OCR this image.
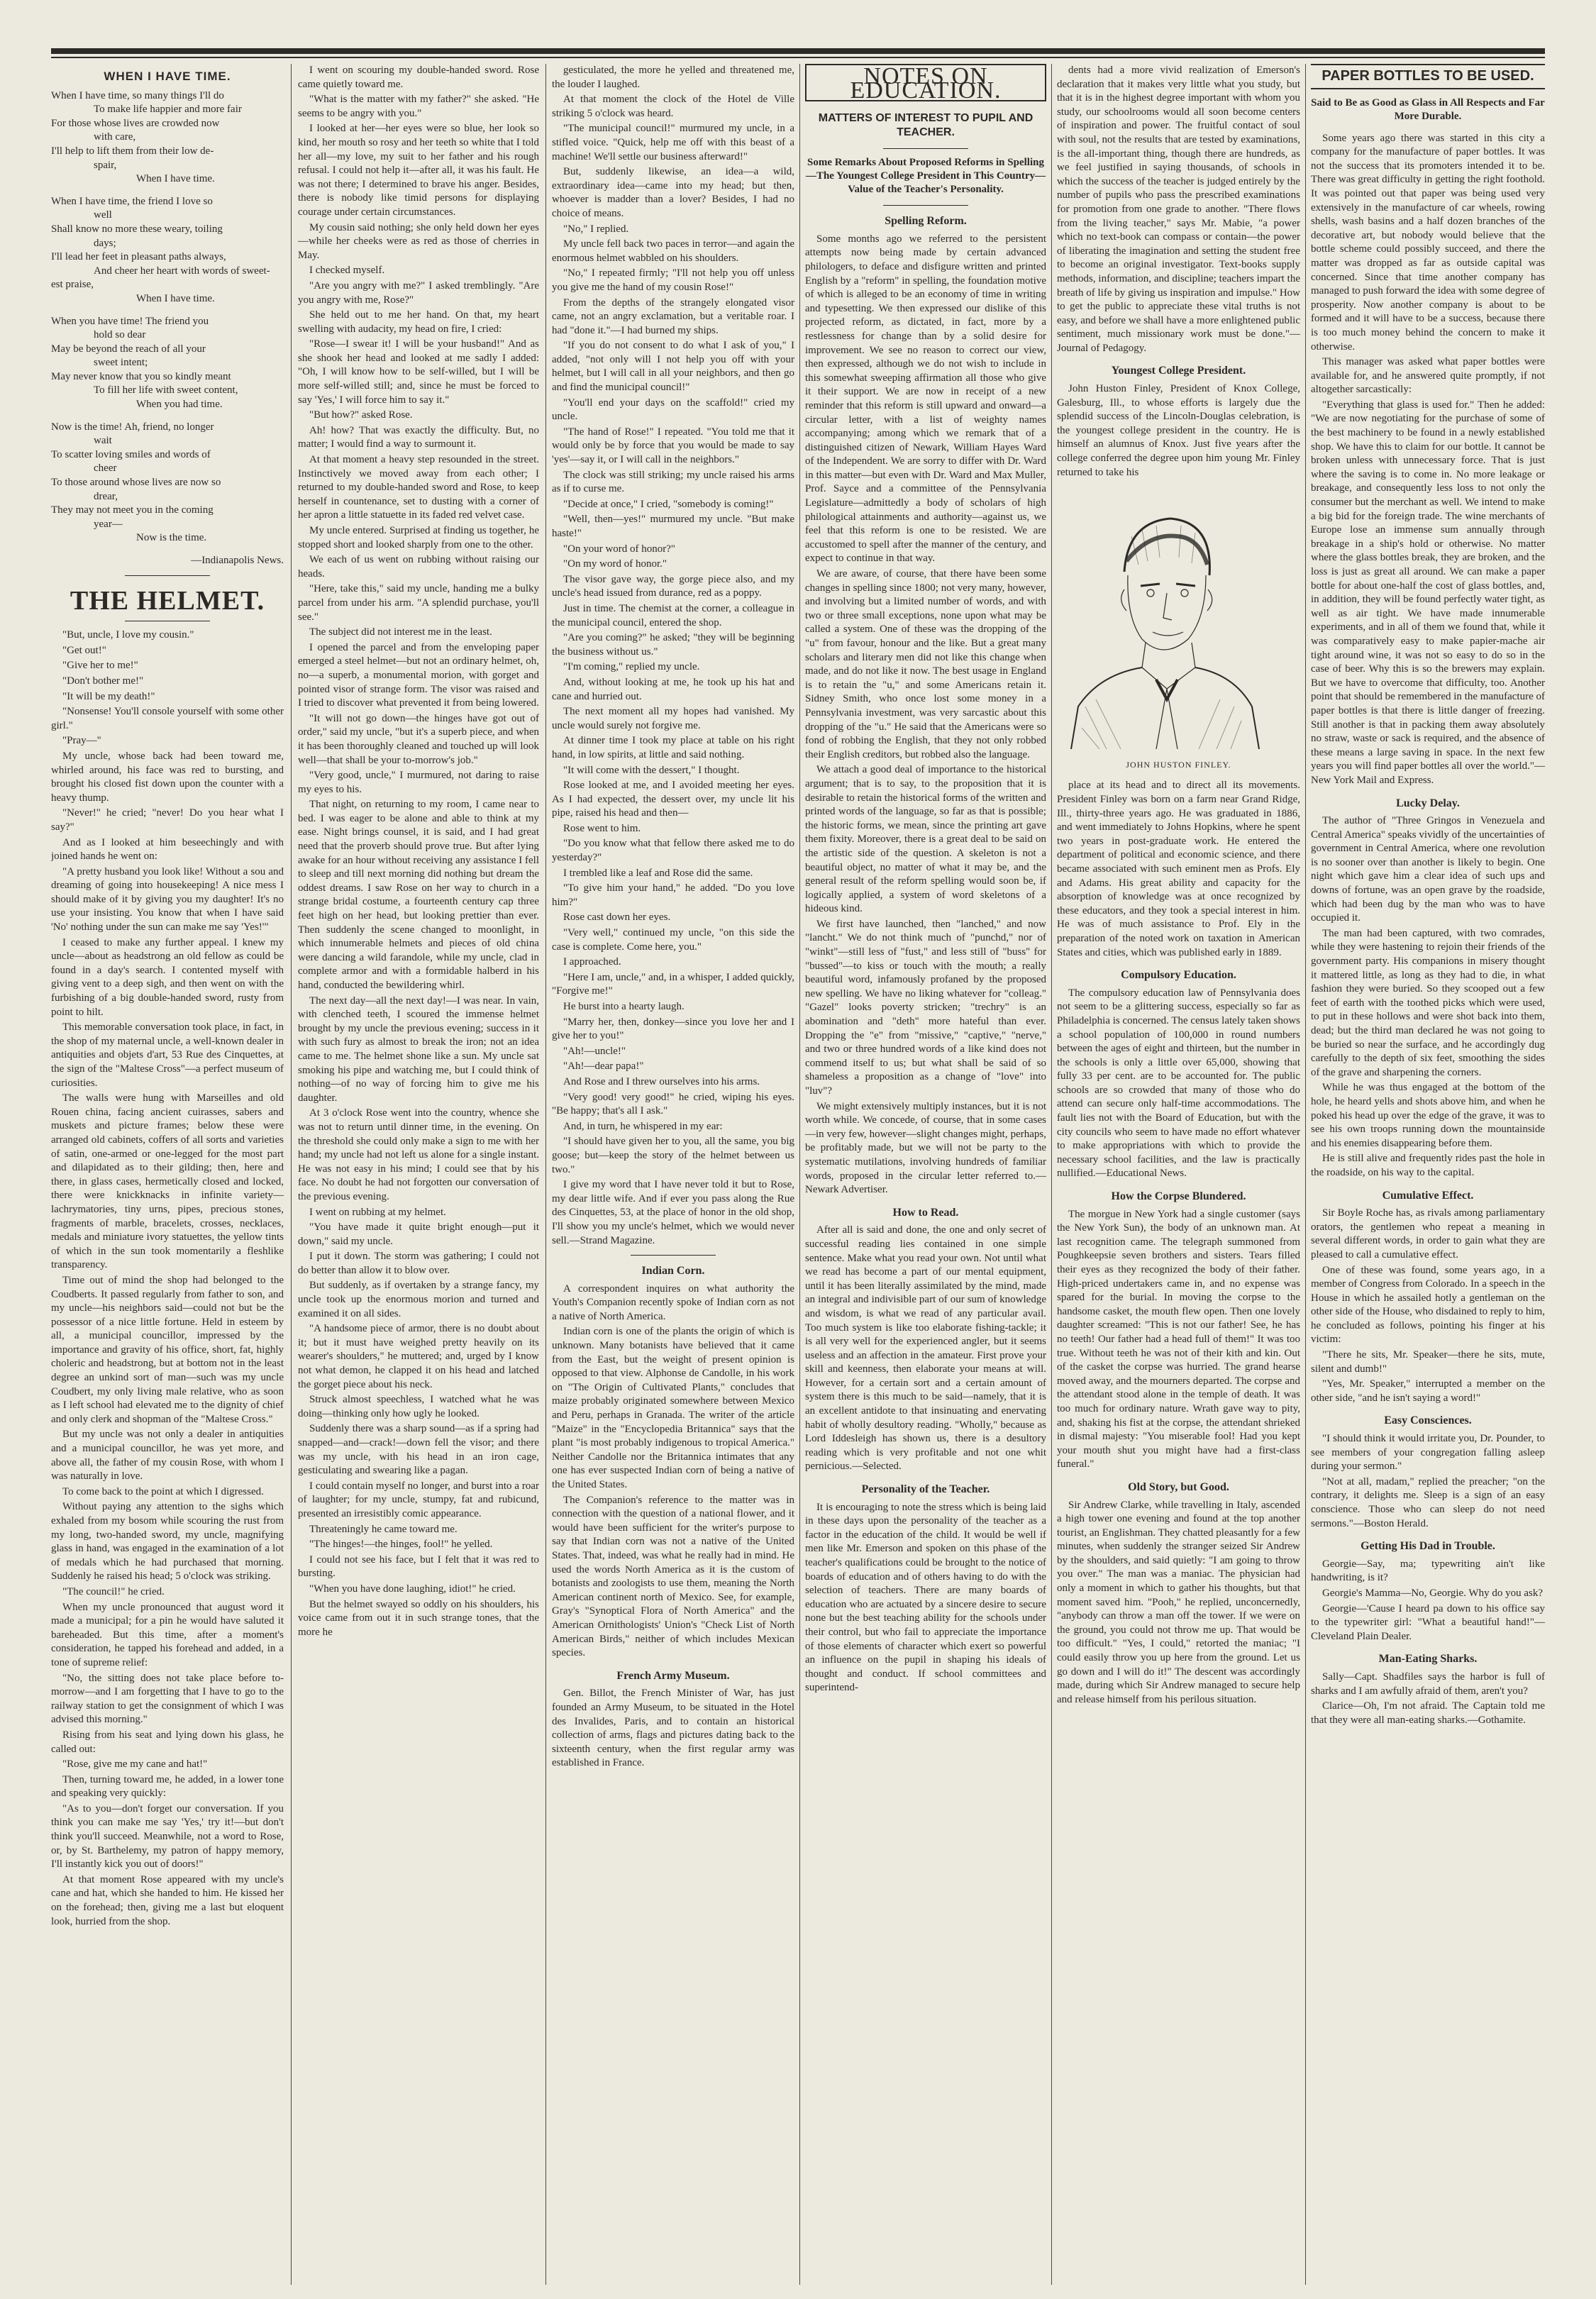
WHEN I HAVE TIME.

When I have time, so many things I'll do

To make life happier and more fair

For those whose lives are crowded now

with care,

I'll help to lift them from their low de-

spair,

When I have time.

When I have time, the friend I love so

well

Shall know no more these weary, toiling

days;

I'll lead her feet in pleasant paths always,

And cheer her heart with words of sweet-

est praise,

When I have time.

When you have time! The friend you

hold so dear

May be beyond the reach of all your

sweet intent;

May never know that you so kindly meant

To fill her life with sweet content,

When you had time.

Now is the time! Ah, friend, no longer

wait

To scatter loving smiles and words of

cheer

To those around whose lives are now so

drear,

They may not meet you in the coming

year—

Now is the time.

—Indianapolis News.

THE HELMET.

"But, uncle, I love my cousin."

"Get out!"

"Give her to me!"

"Don't bother me!"

"It will be my death!"

"Nonsense! You'll console yourself with some other girl."

"Pray—"

My uncle, whose back had been toward me, whirled around, his face was red to bursting, and brought his closed fist down upon the counter with a heavy thump.

"Never!" he cried; "never! Do you hear what I say?"

And as I looked at him beseechingly and with joined hands he went on:

"A pretty husband you look like! Without a sou and dreaming of going into housekeeping! A nice mess I should make of it by giving you my daughter! It's no use your insisting. You know that when I have said 'No' nothing under the sun can make me say 'Yes!'"

I ceased to make any further appeal. I knew my uncle—about as headstrong an old fellow as could be found in a day's search. I contented myself with giving vent to a deep sigh, and then went on with the furbishing of a big double-handed sword, rusty from point to hilt.

This memorable conversation took place, in fact, in the shop of my maternal uncle, a well-known dealer in antiquities and objets d'art, 53 Rue des Cinquettes, at the sign of the "Maltese Cross"—a perfect museum of curiosities.

The walls were hung with Marseilles and old Rouen china, facing ancient cuirasses, sabers and muskets and picture frames; below these were arranged old cabinets, coffers of all sorts and varieties of satin, one-armed or one-legged for the most part and dilapidated as to their gilding; then, here and there, in glass cases, hermetically closed and locked, there were knickknacks in infinite variety—lachrymatories, tiny urns, pipes, precious stones, fragments of marble, bracelets, crosses, necklaces, medals and miniature ivory statuettes, the yellow tints of which in the sun took momentarily a fleshlike transparency.

Time out of mind the shop had belonged to the Coudberts. It passed regularly from father to son, and my uncle—his neighbors said—could not but be the possessor of a nice little fortune. Held in esteem by all, a municipal councillor, impressed by the importance and gravity of his office, short, fat, highly choleric and headstrong, but at bottom not in the least degree an unkind sort of man—such was my uncle Coudbert, my only living male relative, who as soon as I left school had elevated me to the dignity of chief and only clerk and shopman of the "Maltese Cross."

But my uncle was not only a dealer in antiquities and a municipal councillor, he was yet more, and above all, the father of my cousin Rose, with whom I was naturally in love.

To come back to the point at which I digressed.

Without paying any attention to the sighs which exhaled from my bosom while scouring the rust from my long, two-handed sword, my uncle, magnifying glass in hand, was engaged in the examination of a lot of medals which he had purchased that morning. Suddenly he raised his head; 5 o'clock was striking.

"The council!" he cried.

When my uncle pronounced that august word it made a municipal; for a pin he would have saluted it bareheaded. But this time, after a moment's consideration, he tapped his forehead and added, in a tone of supreme relief:

"No, the sitting does not take place before to-morrow—and I am forgetting that I have to go to the railway station to get the consignment of which I was advised this morning."

Rising from his seat and lying down his glass, he called out:

"Rose, give me my cane and hat!"

Then, turning toward me, he added, in a lower tone and speaking very quickly:

"As to you—don't forget our conversation. If you think you can make me say 'Yes,' try it!—but don't think you'll succeed. Meanwhile, not a word to Rose, or, by St. Barthelemy, my patron of happy memory, I'll instantly kick you out of doors!"

At that moment Rose appeared with my uncle's cane and hat, which she handed to him. He kissed her on the forehead; then, giving me a last but eloquent look, hurried from the shop.

I went on scouring my double-handed sword. Rose came quietly toward me.

"What is the matter with my father?" she asked. "He seems to be angry with you."

I looked at her—her eyes were so blue, her look so kind, her mouth so rosy and her teeth so white that I told her all—my love, my suit to her father and his rough refusal. I could not help it—after all, it was his fault. He was not there; I determined to brave his anger. Besides, there is nobody like timid persons for displaying courage under certain circumstances.

My cousin said nothing; she only held down her eyes—while her cheeks were as red as those of cherries in May.

I checked myself.

"Are you angry with me?" I asked tremblingly. "Are you angry with me, Rose?"

She held out to me her hand. On that, my heart swelling with audacity, my head on fire, I cried:

"Rose—I swear it! I will be your husband!" And as she shook her head and looked at me sadly I added: "Oh, I will know how to be self-willed, but I will be more self-willed still; and, since he must be forced to say 'Yes,' I will force him to say it."

"But how?" asked Rose.

Ah! how? That was exactly the difficulty. But, no matter; I would find a way to surmount it.

At that moment a heavy step resounded in the street. Instinctively we moved away from each other; I returned to my double-handed sword and Rose, to keep herself in countenance, set to dusting with a corner of her apron a little statuette in its faded red velvet case.

My uncle entered. Surprised at finding us together, he stopped short and looked sharply from one to the other.

We each of us went on rubbing without raising our heads.

"Here, take this," said my uncle, handing me a bulky parcel from under his arm. "A splendid purchase, you'll see."

The subject did not interest me in the least.

I opened the parcel and from the enveloping paper emerged a steel helmet—but not an ordinary helmet, oh, no—a superb, a monumental morion, with gorget and pointed visor of strange form. The visor was raised and I tried to discover what prevented it from being lowered.

"It will not go down—the hinges have got out of order," said my uncle, "but it's a superb piece, and when it has been thoroughly cleaned and touched up will look well—that shall be your to-morrow's job."

"Very good, uncle," I murmured, not daring to raise my eyes to his.

That night, on returning to my room, I came near to bed. I was eager to be alone and able to think at my ease. Night brings counsel, it is said, and I had great need that the proverb should prove true. But after lying awake for an hour without receiving any assistance I fell to sleep and till next morning did nothing but dream the oddest dreams. I saw Rose on her way to church in a strange bridal costume, a fourteenth century cap three feet high on her head, but looking prettier than ever. Then suddenly the scene changed to moonlight, in which innumerable helmets and pieces of old china were dancing a wild farandole, while my uncle, clad in complete armor and with a formidable halberd in his hand, conducted the bewildering whirl.

The next day—all the next day!—I was near. In vain, with clenched teeth, I scoured the immense helmet brought by my uncle the previous evening; success in it with such fury as almost to break the iron; not an idea came to me. The helmet shone like a sun. My uncle sat smoking his pipe and watching me, but I could think of nothing—of no way of forcing him to give me his daughter.

At 3 o'clock Rose went into the country, whence she was not to return until dinner time, in the evening. On the threshold she could only make a sign to me with her hand; my uncle had not left us alone for a single instant. He was not easy in his mind; I could see that by his face. No doubt he had not forgotten our conversation of the previous evening.

I went on rubbing at my helmet.

"You have made it quite bright enough—put it down," said my uncle.

I put it down. The storm was gathering; I could not do better than allow it to blow over.

But suddenly, as if overtaken by a strange fancy, my uncle took up the enormous morion and turned and examined it on all sides.

"A handsome piece of armor, there is no doubt about it; but it must have weighed pretty heavily on its wearer's shoulders," he muttered; and, urged by I know not what demon, he clapped it on his head and latched the gorget piece about his neck.

Struck almost speechless, I watched what he was doing—thinking only how ugly he looked.

Suddenly there was a sharp sound—as if a spring had snapped—and—crack!—down fell the visor; and there was my uncle, with his head in an iron cage, gesticulating and swearing like a pagan.

I could contain myself no longer, and burst into a roar of laughter; for my uncle, stumpy, fat and rubicund, presented an irresistibly comic appearance.

Threateningly he came toward me.

"The hinges!—the hinges, fool!" he yelled.

I could not see his face, but I felt that it was red to bursting.

"When you have done laughing, idiot!" he cried.

But the helmet swayed so oddly on his shoulders, his voice came from out it in such strange tones, that the more he

gesticulated, the more he yelled and threatened me, the louder I laughed.

At that moment the clock of the Hotel de Ville striking 5 o'clock was heard.

"The municipal council!" murmured my uncle, in a stifled voice. "Quick, help me off with this beast of a machine! We'll settle our business afterward!"

But, suddenly likewise, an idea—a wild, extraordinary idea—came into my head; but then, whoever is madder than a lover? Besides, I had no choice of means.

"No," I replied.

My uncle fell back two paces in terror—and again the enormous helmet wabbled on his shoulders.

"No," I repeated firmly; "I'll not help you off unless you give me the hand of my cousin Rose!"

From the depths of the strangely elongated visor came, not an angry exclamation, but a veritable roar. I had "done it."—I had burned my ships.

"If you do not consent to do what I ask of you," I added, "not only will I not help you off with your helmet, but I will call in all your neighbors, and then go and find the municipal council!"

"You'll end your days on the scaffold!" cried my uncle.

"The hand of Rose!" I repeated. "You told me that it would only be by force that you would be made to say 'yes'—say it, or I will call in the neighbors."

The clock was still striking; my uncle raised his arms as if to curse me.

"Decide at once," I cried, "somebody is coming!"

"Well, then—yes!" murmured my uncle. "But make haste!"

"On your word of honor?"

"On my word of honor."

The visor gave way, the gorge piece also, and my uncle's head issued from durance, red as a poppy.

Just in time. The chemist at the corner, a colleague in the municipal council, entered the shop.

"Are you coming?" he asked; "they will be beginning the business without us."

"I'm coming," replied my uncle.

And, without looking at me, he took up his hat and cane and hurried out.

The next moment all my hopes had vanished. My uncle would surely not forgive me.

At dinner time I took my place at table on his right hand, in low spirits, at little and said nothing.

"It will come with the dessert," I thought.

Rose looked at me, and I avoided meeting her eyes. As I had expected, the dessert over, my uncle lit his pipe, raised his head and then—

Rose went to him.

"Do you know what that fellow there asked me to do yesterday?"

I trembled like a leaf and Rose did the same.

"To give him your hand," he added. "Do you love him?"

Rose cast down her eyes.

"Very well," continued my uncle, "on this side the case is complete. Come here, you."

I approached.

"Here I am, uncle," and, in a whisper, I added quickly, "Forgive me!"

He burst into a hearty laugh.

"Marry her, then, donkey—since you love her and I give her to you!"

"Ah!—uncle!"

"Ah!—dear papa!"

And Rose and I threw ourselves into his arms.

"Very good! very good!" he cried, wiping his eyes. "Be happy; that's all I ask."

And, in turn, he whispered in my ear:

"I should have given her to you, all the same, you big goose; but—keep the story of the helmet between us two."

I give my word that I have never told it but to Rose, my dear little wife. And if ever you pass along the Rue des Cinquettes, 53, at the place of honor in the old shop, I'll show you my uncle's helmet, which we would never sell.—Strand Magazine.

Indian Corn.

A correspondent inquires on what authority the Youth's Companion recently spoke of Indian corn as not a native of North America.

Indian corn is one of the plants the origin of which is unknown. Many botanists have believed that it came from the East, but the weight of present opinion is opposed to that view. Alphonse de Candolle, in his work on "The Origin of Cultivated Plants," concludes that maize probably originated somewhere between Mexico and Peru, perhaps in Granada. The writer of the article "Maize" in the "Encyclopedia Britannica" says that the plant "is most probably indigenous to tropical America." Neither Candolle nor the Britannica intimates that any one has ever suspected Indian corn of being a native of the United States.

The Companion's reference to the matter was in connection with the question of a national flower, and it would have been sufficient for the writer's purpose to say that Indian corn was not a native of the United States. That, indeed, was what he really had in mind. He used the words North America as it is the custom of botanists and zoologists to use them, meaning the North American continent north of Mexico. See, for example, Gray's "Synoptical Flora of North America" and the American Ornithologists' Union's "Check List of North American Birds," neither of which includes Mexican species.

French Army Museum.

Gen. Billot, the French Minister of War, has just founded an Army Museum, to be situated in the Hotel des Invalides, Paris, and to contain an historical collection of arms, flags and pictures dating back to the sixteenth century, when the first regular army was established in France.

NOTES ON EDUCATION.
MATTERS OF INTEREST TO PUPIL AND TEACHER.
Some Remarks About Proposed Reforms in Spelling—The Youngest College President in This Country—Value of the Teacher's Personality.
Spelling Reform.

Some months ago we referred to the persistent attempts now being made by certain advanced philologers, to deface and disfigure written and printed English by a "reform" in spelling, the foundation motive of which is alleged to be an economy of time in writing and typesetting. We then expressed our dislike of this projected reform, as dictated, in fact, more by a restlessness for change than by a solid desire for improvement. We see no reason to correct our view, then expressed, although we do not wish to include in this somewhat sweeping affirmation all those who give it their support. We are now in receipt of a new reminder that this reform is still upward and onward—a circular letter, with a list of weighty names accompanying; among which we remark that of a distinguished citizen of Newark, William Hayes Ward of the Independent. We are sorry to differ with Dr. Ward in this matter—but even with Dr. Ward and Max Muller, Prof. Sayce and a committee of the Pennsylvania Legislature—admittedly a body of scholars of high philological attainments and authority—against us, we feel that this reform is one to be resisted. We are accustomed to spell after the manner of the century, and expect to continue in that way.

We are aware, of course, that there have been some changes in spelling since 1800; not very many, however, and involving but a limited number of words, and with two or three small exceptions, none upon what may be called a system. One of these was the dropping of the "u" from favour, honour and the like. But a great many scholars and literary men did not like this change when made, and do not like it now. The best usage in England is to retain the "u," and some Americans retain it. Sidney Smith, who once lost some money in a Pennsylvania investment, was very sarcastic about this dropping of the "u." He said that the Americans were so fond of robbing the English, that they not only robbed their English creditors, but robbed also the language.

We attach a good deal of importance to the historical argument; that is to say, to the proposition that it is desirable to retain the historical forms of the written and printed words of the language, so far as that is possible; the historic forms, we mean, since the printing art gave them fixity. Moreover, there is a great deal to be said on the artistic side of the question. A skeleton is not a beautiful object, no matter of what it may be, and the general result of the reform spelling would soon be, if logically applied, a system of word skeletons of a hideous kind.

We first have launched, then "lanched," and now "lancht." We do not think much of "punchd," nor of "winkt"—still less of "fust," and less still of "buss" for "bussed"—to kiss or touch with the mouth; a really beautiful word, infamously profaned by the proposed new spelling. We have no liking whatever for "colleag." "Gazel" looks poverty stricken; "trechry" is an abomination and "deth" more hateful than ever. Dropping the "e" from "missive," "captive," "nerve," and two or three hundred words of a like kind does not commend itself to us; but what shall be said of so shameless a proposition as a change of "love" into "luv"?

We might extensively multiply instances, but it is not worth while. We concede, of course, that in some cases—in very few, however—slight changes might, perhaps, be profitably made, but we will not be party to the systematic mutilations, involving hundreds of familiar words, proposed in the circular letter referred to.—Newark Advertiser.

How to Read.

After all is said and done, the one and only secret of successful reading lies contained in one simple sentence. Make what you read your own. Not until what we read has become a part of our mental equipment, until it has been literally assimilated by the mind, made an integral and indivisible part of our sum of knowledge and wisdom, is what we read of any particular avail. Too much system is like too elaborate fishing-tackle; it is all very well for the experienced angler, but it seems useless and an affection in the amateur. First prove your skill and keenness, then elaborate your means at will. However, for a certain sort and a certain amount of system there is this much to be said—namely, that it is an excellent antidote to that insinuating and enervating habit of wholly desultory reading. "Wholly," because as Lord Iddesleigh has shown us, there is a desultory reading which is very profitable and not one whit pernicious.—Selected.

Personality of the Teacher.

It is encouraging to note the stress which is being laid in these days upon the personality of the teacher as a factor in the education of the child. It would be well if men like Mr. Emerson and spoken on this phase of the teacher's qualifications could be brought to the notice of boards of education and of others having to do with the selection of teachers. There are many boards of education who are actuated by a sincere desire to secure none but the best teaching ability for the schools under their control, but who fail to appreciate the importance of those elements of character which exert so powerful an influence on the pupil in shaping his ideals of thought and conduct. If school committees and superintend-

dents had a more vivid realization of Emerson's declaration that it makes very little what you study, but that it is in the highest degree important with whom you study, our schoolrooms would all soon become centers of inspiration and power. The fruitful contact of soul with soul, not the results that are tested by examinations, is the all-important thing, though there are hundreds, as we feel justified in saying thousands, of schools in which the success of the teacher is judged entirely by the number of pupils who pass the prescribed examinations for promotion from one grade to another. "There flows from the living teacher," says Mr. Mabie, "a power which no text-book can compass or contain—the power of liberating the imagination and setting the student free to become an original investigator. Text-books supply methods, information, and discipline; teachers impart the breath of life by giving us inspiration and impulse." How to get the public to appreciate these vital truths is not easy, and before we shall have a more enlightened public sentiment, much missionary work must be done."—Journal of Pedagogy.

Youngest College President.

John Huston Finley, President of Knox College, Galesburg, Ill., to whose efforts is largely due the splendid success of the Lincoln-Douglas celebration, is the youngest college president in the country. He is himself an alumnus of Knox. Just five years after the college conferred the degree upon him young Mr. Finley returned to take his

JOHN HUSTON FINLEY.

place at its head and to direct all its movements. President Finley was born on a farm near Grand Ridge, Ill., thirty-three years ago. He was graduated in 1886, and went immediately to Johns Hopkins, where he spent two years in post-graduate work. He entered the department of political and economic science, and there became associated with such eminent men as Profs. Ely and Adams. His great ability and capacity for the absorption of knowledge was at once recognized by these educators, and they took a special interest in him. He was of much assistance to Prof. Ely in the preparation of the noted work on taxation in American States and cities, which was published early in 1889.

Compulsory Education.

The compulsory education law of Pennsylvania does not seem to be a glittering success, especially so far as Philadelphia is concerned. The census lately taken shows a school population of 100,000 in round numbers between the ages of eight and thirteen, but the number in the schools is only a little over 65,000, showing that fully 33 per cent. are to be accounted for. The public schools are so crowded that many of those who do attend can secure only half-time accommodations. The fault lies not with the Board of Education, but with the city councils who seem to have made no effort whatever to make appropriations with which to provide the necessary school facilities, and the law is practically nullified.—Educational News.

How the Corpse Blundered.

The morgue in New York had a single customer (says the New York Sun), the body of an unknown man. At last recognition came. The telegraph summoned from Poughkeepsie seven brothers and sisters. Tears filled their eyes as they recognized the body of their father. High-priced undertakers came in, and no expense was spared for the burial. In moving the corpse to the handsome casket, the mouth flew open. Then one lovely daughter screamed: "This is not our father! See, he has no teeth! Our father had a head full of them!" It was too true. Without teeth he was not of their kith and kin. Out of the casket the corpse was hurried. The grand hearse moved away, and the mourners departed. The corpse and the attendant stood alone in the temple of death. It was too much for ordinary nature. Wrath gave way to pity, and, shaking his fist at the corpse, the attendant shrieked in dismal majesty: "You miserable fool! Had you kept your mouth shut you might have had a first-class funeral."

Old Story, but Good.

Sir Andrew Clarke, while travelling in Italy, ascended a high tower one evening and found at the top another tourist, an Englishman. They chatted pleasantly for a few minutes, when suddenly the stranger seized Sir Andrew by the shoulders, and said quietly: "I am going to throw you over." The man was a maniac. The physician had only a moment in which to gather his thoughts, but that moment saved him. "Pooh," he replied, unconcernedly, "anybody can throw a man off the tower. If we were on the ground, you could not throw me up. That would be too difficult." "Yes, I could," retorted the maniac; "I could easily throw you up here from the ground. Let us go down and I will do it!" The descent was accordingly made, during which Sir Andrew managed to secure help and release himself from his perilous situation.

PAPER BOTTLES TO BE USED.
Said to Be as Good as Glass in All Respects and Far More Durable.

Some years ago there was started in this city a company for the manufacture of paper bottles. It was not the success that its promoters intended it to be. There was great difficulty in getting the right foothold. It was pointed out that paper was being used very extensively in the manufacture of car wheels, rowing shells, wash basins and a half dozen branches of the decorative art, but nobody would believe that the bottle scheme could possibly succeed, and there the matter was dropped as far as outside capital was concerned. Since that time another company has managed to push forward the idea with some degree of prosperity. Now another company is about to be formed and it will have to be a success, because there is too much money behind the concern to make it otherwise.

This manager was asked what paper bottles were available for, and he answered quite promptly, if not altogether sarcastically:

"Everything that glass is used for." Then he added: "We are now negotiating for the purchase of some of the best machinery to be found in a newly established shop. We have this to claim for our bottle. It cannot be broken unless with unnecessary force. That is just where the saving is to come in. No more leakage or breakage, and consequently less loss to not only the consumer but the merchant as well. We intend to make a big bid for the foreign trade. The wine merchants of Europe lose an immense sum annually through breakage in a ship's hold or otherwise. No matter where the glass bottles break, they are broken, and the loss is just as great all around. We can make a paper bottle for about one-half the cost of glass bottles, and, in addition, they will be found perfectly water tight, as well as air tight. We have made innumerable experiments, and in all of them we found that, while it was comparatively easy to make papier-mache air tight around wine, it was not so easy to do so in the case of beer. Why this is so the brewers may explain. But we have to overcome that difficulty, too. Another point that should be remembered in the manufacture of paper bottles is that there is little danger of freezing. Still another is that in packing them away absolutely no straw, waste or sack is required, and the absence of these means a large saving in space. In the next few years you will find paper bottles all over the world."—New York Mail and Express.

Lucky Delay.

The author of "Three Gringos in Venezuela and Central America" speaks vividly of the uncertainties of government in Central America, where one revolution is no sooner over than another is likely to begin. One night which gave him a clear idea of such ups and downs of fortune, was an open grave by the roadside, which had been dug by the man who was to have occupied it.

The man had been captured, with two comrades, while they were hastening to rejoin their friends of the government party. His companions in misery thought it mattered little, as long as they had to die, in what fashion they were buried. So they scooped out a few feet of earth with the toothed picks which were used, to put in these hollows and were shot back into them, dead; but the third man declared he was not going to be buried so near the surface, and he accordingly dug carefully to the depth of six feet, smoothing the sides of the grave and sharpening the corners.

While he was thus engaged at the bottom of the hole, he heard yells and shots above him, and when he poked his head up over the edge of the grave, it was to see his own troops running down the mountainside and his enemies disappearing before them.

He is still alive and frequently rides past the hole in the roadside, on his way to the capital.

Cumulative Effect.

Sir Boyle Roche has, as rivals among parliamentary orators, the gentlemen who repeat a meaning in several different words, in order to gain what they are pleased to call a cumulative effect.

One of these was found, some years ago, in a member of Congress from Colorado. In a speech in the House in which he assailed hotly a gentleman on the other side of the House, who disdained to reply to him, he concluded as follows, pointing his finger at his victim:

"There he sits, Mr. Speaker—there he sits, mute, silent and dumb!"

"Yes, Mr. Speaker," interrupted a member on the other side, "and he isn't saying a word!"

Easy Consciences.

"I should think it would irritate you, Dr. Pounder, to see members of your congregation falling asleep during your sermon."

"Not at all, madam," replied the preacher; "on the contrary, it delights me. Sleep is a sign of an easy conscience. Those who can sleep do not need sermons."—Boston Herald.

Getting His Dad in Trouble.

Georgie—Say, ma; typewriting ain't like handwriting, is it?

Georgie's Mamma—No, Georgie. Why do you ask?

Georgie—'Cause I heard pa down to his office say to the typewriter girl: "What a beautiful hand!"—Cleveland Plain Dealer.

Man-Eating Sharks.

Sally—Capt. Shadfiles says the harbor is full of sharks and I am awfully afraid of them, aren't you?

Clarice—Oh, I'm not afraid. The Captain told me that they were all man-eating sharks.—Gothamite.
